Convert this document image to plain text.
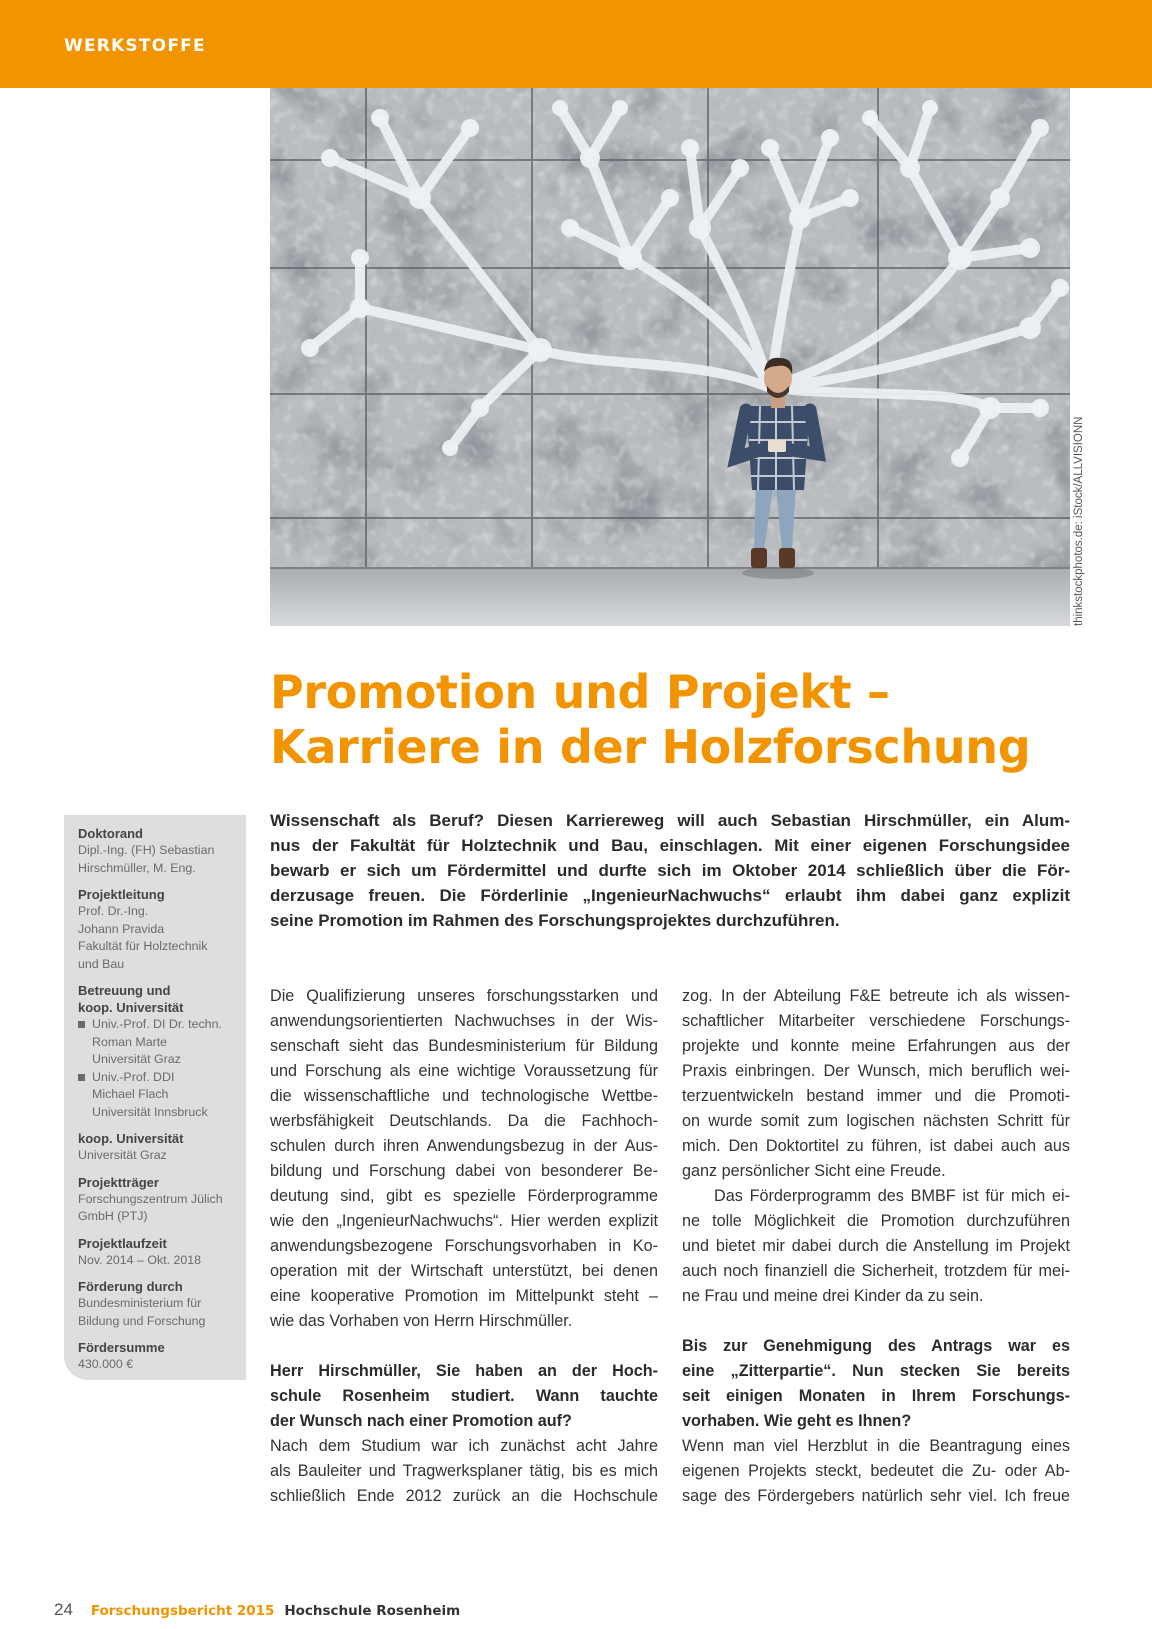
WERKSTOFFE
thinkstockphotos.de: iStock/ALLVISIONN
Promotion und Projekt –
Karriere in der Holzforschung
Doktorand
Dipl.-Ing. (FH) Sebastian
Hirschmüller, M. Eng.
Projektleitung
Prof. Dr.-Ing.
Johann Pravida
Fakultät für Holztechnik
und Bau
Betreuung und
koop. Universität
Univ.-Prof. DI Dr. techn.
Roman Marte
Universität Graz
Univ.-Prof. DDI
Michael Flach
Universität Innsbruck
koop. Universität
Universität Graz
Projektträger
Forschungszentrum Jülich
GmbH (PTJ)
Projektlaufzeit
Nov. 2014 – Okt. 2018
Förderung durch
Bundesministerium für
Bildung und Forschung
Fördersumme
430.000 €
Wissenschaft als Beruf? Diesen Karriereweg will auch Sebastian Hirschmüller, ein Alum-
nus der Fakultät für Holztechnik und Bau, einschlagen. Mit einer eigenen Forschungsidee
bewarb er sich um Fördermittel und durfte sich im Oktober 2014 schließlich über die För-
derzusage freuen. Die Förderlinie „IngenieurNachwuchs“ erlaubt ihm dabei ganz explizit
seine Promotion im Rahmen des Forschungsprojektes durchzuführen.
Die Qualifizierung unseres forschungsstarken und
anwendungsorientierten Nachwuchses in der Wis-
senschaft sieht das Bundesministerium für Bildung
und Forschung als eine wichtige Voraussetzung für
die wissenschaftliche und technologische Wettbe-
werbsfähigkeit Deutschlands. Da die Fachhoch-
schulen durch ihren Anwendungsbezug in der Aus-
bildung und Forschung dabei von besonderer Be-
deutung sind, gibt es spezielle Förderprogramme
wie den „IngenieurNachwuchs“. Hier werden explizit
anwendungsbezogene Forschungsvorhaben in Ko-
operation mit der Wirtschaft unterstützt, bei denen
eine kooperative Promotion im Mittelpunkt steht –
wie das Vorhaben von Herrn Hirschmüller.
Herr Hirschmüller, Sie haben an der Hoch-
schule Rosenheim studiert. Wann tauchte
der Wunsch nach einer Promotion auf?
Nach dem Studium war ich zunächst acht Jahre
als Bauleiter und Tragwerksplaner tätig, bis es mich
schließlich Ende 2012 zurück an die Hochschule
zog. In der Abteilung F&E betreute ich als wissen-
schaftlicher Mitarbeiter verschiedene Forschungs-
projekte und konnte meine Erfahrungen aus der
Praxis einbringen. Der Wunsch, mich beruflich wei-
terzuentwickeln bestand immer und die Promoti-
on wurde somit zum logischen nächsten Schritt für
mich. Den Doktortitel zu führen, ist dabei auch aus
ganz persönlicher Sicht eine Freude.
Das Förderprogramm des BMBF ist für mich ei-
ne tolle Möglichkeit die Promotion durchzuführen
und bietet mir dabei durch die Anstellung im Projekt
auch noch finanziell die Sicherheit, trotzdem für mei-
ne Frau und meine drei Kinder da zu sein.
Bis zur Genehmigung des Antrags war es
eine „Zitterpartie“. Nun stecken Sie bereits
seit einigen Monaten in Ihrem Forschungs-
vorhaben. Wie geht es Ihnen?
Wenn man viel Herzblut in die Beantragung eines
eigenen Projekts steckt, bedeutet die Zu- oder Ab-
sage des Fördergebers natürlich sehr viel. Ich freue
24 Forschungsbericht 2015 Hochschule Rosenheim
